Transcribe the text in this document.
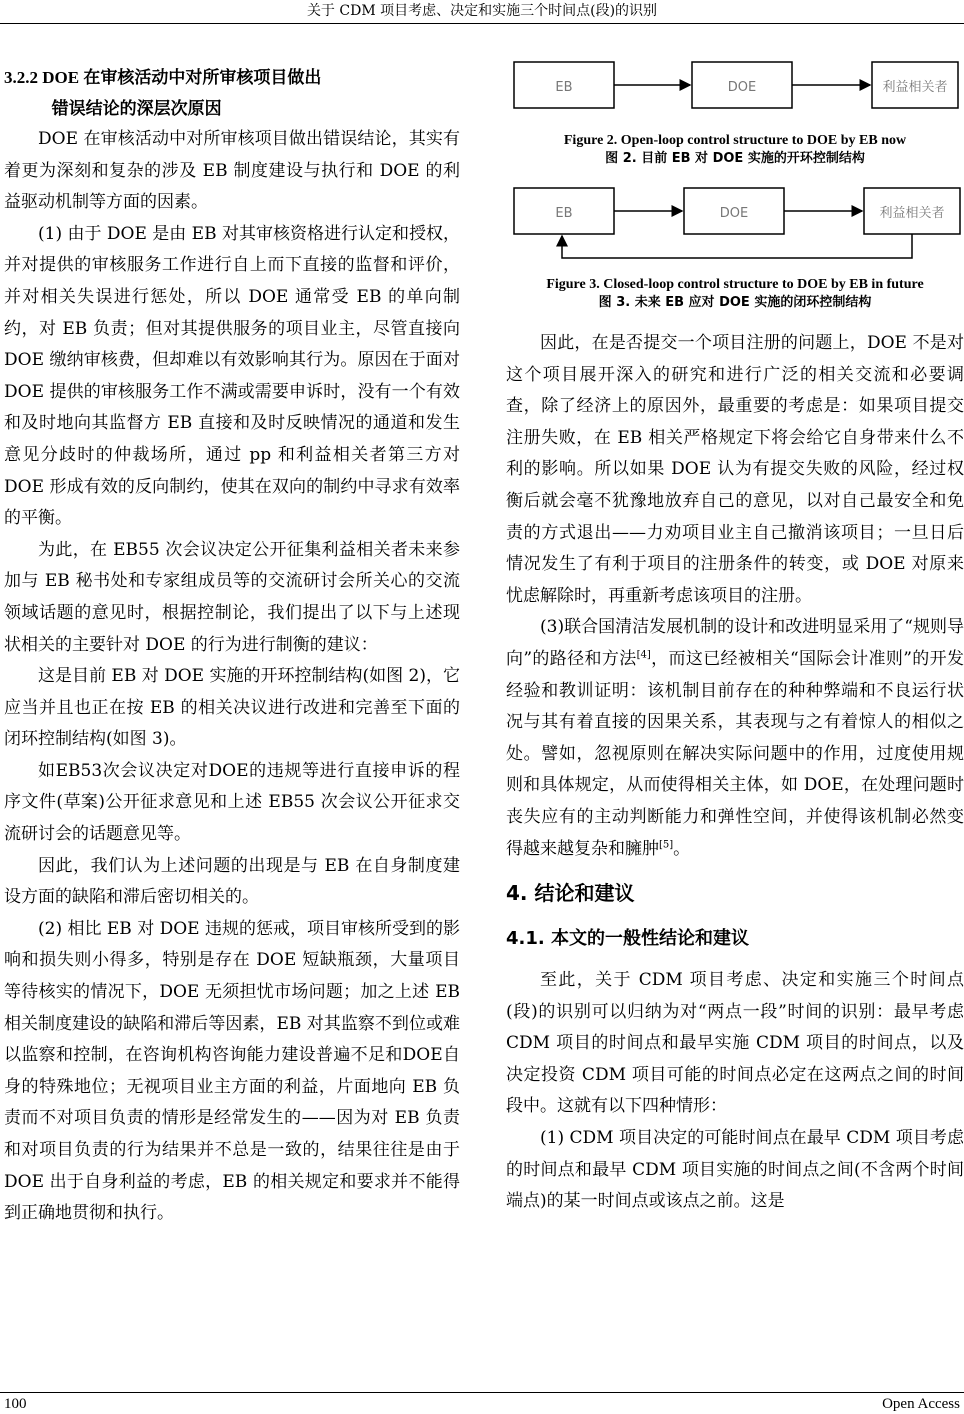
关于 CDM 项目考虑、决定和实施三个时间点(段)的识别
3.2.2 DOE 在审核活动中对所审核项目做出
错误结论的深层次原因

DOE 在审核活动中对所审核项目做出错误结论，其实有着更为深刻和复杂的涉及 EB 制度建设与执行和 DOE 的利益驱动机制等方面的因素。

(1) 由于 DOE 是由 EB 对其审核资格进行认定和授权，并对提供的审核服务工作进行自上而下直接的监督和评价，并对相关失误进行惩处，所以 DOE 通常受 EB 的单向制约，对 EB 负责；但对其提供服务的项目业主，尽管直接向 DOE 缴纳审核费，但却难以有效影响其行为。原因在于面对 DOE 提供的审核服务工作不满或需要申诉时，没有一个有效和及时地向其监督方 EB 直接和及时反映情况的通道和发生意见分歧时的仲裁场所，通过 pp 和利益相关者第三方对 DOE 形成有效的反向制约，使其在双向的制约中寻求有效率的平衡。

为此，在 EB55 次会议决定公开征集利益相关者未来参加与 EB 秘书处和专家组成员等的交流研讨会所关心的交流领域话题的意见时，根据控制论，我们提出了以下与上述现状相关的主要针对 DOE 的行为进行制衡的建议：

这是目前 EB 对 DOE 实施的开环控制结构(如图 2)，它应当并且也正在按 EB 的相关决议进行改进和完善至下面的闭环控制结构(如图 3)。

如EB53次会议决定对DOE的违规等进行直接申诉的程序文件(草案)公开征求意见和上述 EB55 次会议公开征求交流研讨会的话题意见等。

因此，我们认为上述问题的出现是与 EB 在自身制度建设方面的缺陷和滞后密切相关的。

(2) 相比 EB 对 DOE 违规的惩戒，项目审核所受到的影响和损失则小得多，特别是存在 DOE 短缺瓶颈，大量项目等待核实的情况下，DOE 无须担忧市场问题；加之上述 EB 相关制度建设的缺陷和滞后等因素，EB 对其监察不到位或难以监察和控制，在咨询机构咨询能力建设普遍不足和DOE自身的特殊地位；无视项目业主方面的利益，片面地向 EB 负责而不对项目负责的情形是经常发生的——因为对 EB 负责和对项目负责的行为结果并不总是一致的，结果往往是由于 DOE 出于自身利益的考虑，EB 的相关规定和要求并不能得到正确地贯彻和执行。

EB	DOE	利益相关者
Figure 2. Open-loop control structure to DOE by EB now
图 2. 目前 EB 对 DOE 实施的开环控制结构
EB	DOE	利益相关者
Figure 3. Closed-loop control structure to DOE by EB in future
图 3. 未来 EB 应对 DOE 实施的闭环控制结构

因此，在是否提交一个项目注册的问题上，DOE 不是对这个项目展开深入的研究和进行广泛的相关交流和必要调查，除了经济上的原因外，最重要的考虑是：如果项目提交注册失败，在 EB 相关严格规定下将会给它自身带来什么不利的影响。所以如果 DOE 认为有提交失败的风险，经过权衡后就会毫不犹豫地放弃自己的意见，以对自己最安全和免责的方式退出——力劝项目业主自己撤消该项目；一旦日后情况发生了有利于项目的注册条件的转变，或 DOE 对原来忧虑解除时，再重新考虑该项目的注册。

(3)联合国清洁发展机制的设计和改进明显采用了“规则导向”的路径和方法[4]，而这已经被相关“国际会计准则”的开发经验和教训证明：该机制目前存在的种种弊端和不良运行状况与其有着直接的因果关系，其表现与之有着惊人的相似之处。譬如，忽视原则在解决实际问题中的作用，过度使用规则和具体规定，从而使得相关主体，如 DOE，在处理问题时丧失应有的主动判断能力和弹性空间，并使得该机制必然变得越来越复杂和臃肿[5]。

4. 结论和建议
4.1. 本文的一般性结论和建议

至此，关于 CDM 项目考虑、决定和实施三个时间点(段)的识别可以归纳为对“两点一段”时间的识别：最早考虑 CDM 项目的时间点和最早实施 CDM 项目的时间点，以及决定投资 CDM 项目可能的时间点必定在这两点之间的时间段中。这就有以下四种情形：

(1) CDM 项目决定的可能时间点在最早 CDM 项目考虑的时间点和最早 CDM 项目实施的时间点之间(不含两个时间端点)的某一时间点或该点之前。这是

100	Open Access
